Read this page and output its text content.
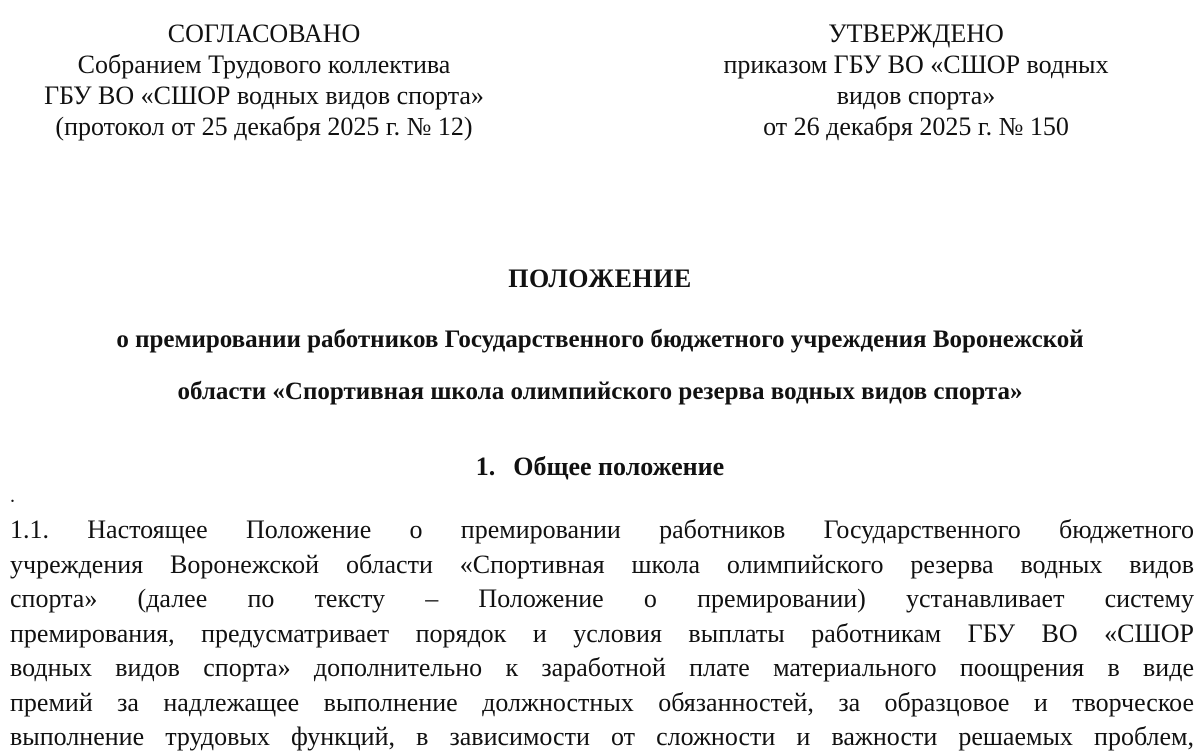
СОГЛАСОВАНО
Собранием Трудового коллектива
ГБУ ВО «СШОР водных видов спорта»
(протокол от 25 декабря 2025 г. № 12)
УТВЕРЖДЕНО
приказом ГБУ ВО «СШОР водных
видов спорта»
от 26 декабря 2025 г. № 150
ПОЛОЖЕНИЕ
о премировании работников Государственного бюджетного учреждения Воронежской
области «Спортивная школа олимпийского резерва водных видов спорта»
1. Общее положение
.
1.1. Настоящее Положение о премировании работников Государственного бюджетного
учреждения Воронежской области «Спортивная школа олимпийского резерва водных видов
спорта» (далее по тексту – Положение о премировании) устанавливает систему
премирования, предусматривает порядок и условия выплаты работникам ГБУ ВО «СШОР
водных видов спорта» дополнительно к заработной плате материального поощрения в виде
премий за надлежащее выполнение должностных обязанностей, за образцовое и творческое
выполнение трудовых функций, в зависимости от сложности и важности решаемых проблем,
